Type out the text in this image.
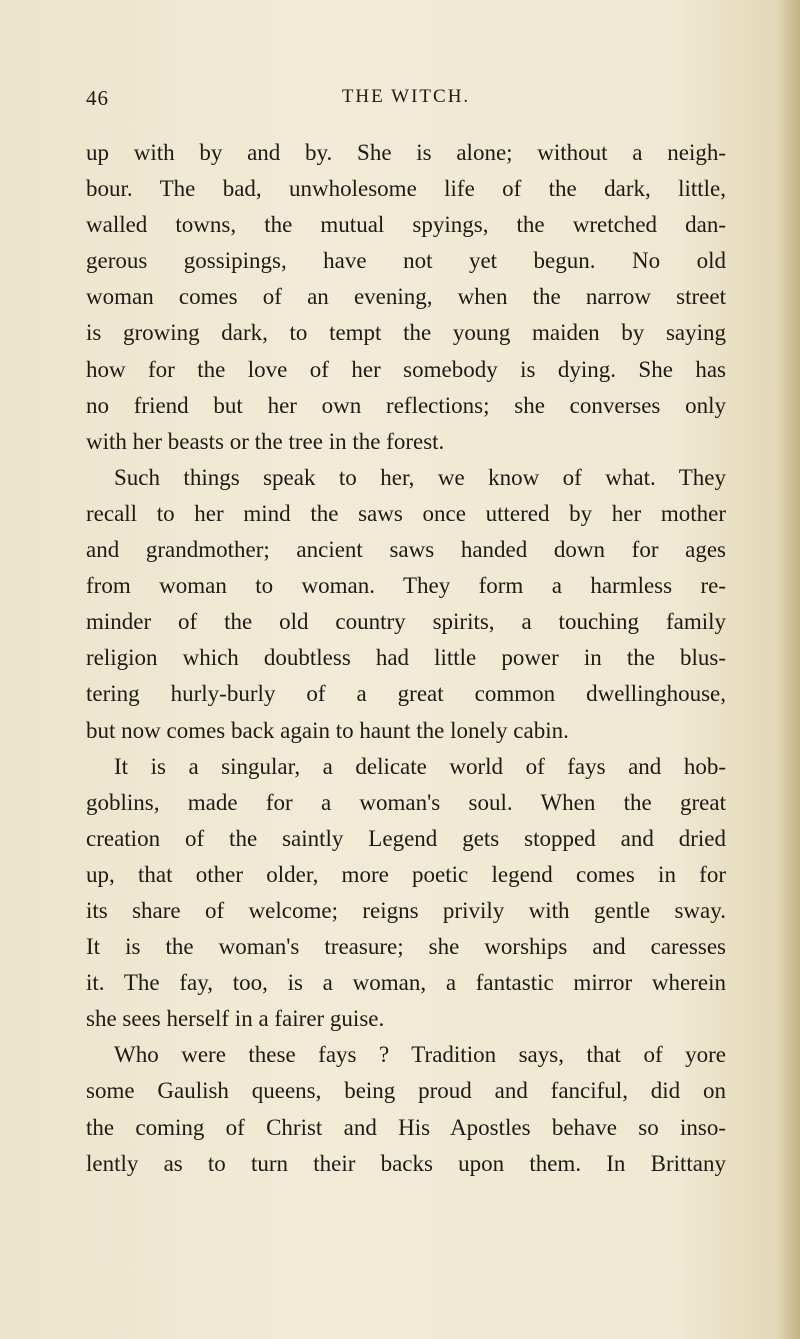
46	THE WITCH.
up with by and by. She is alone; without a neigh-
bour. The bad, unwholesome life of the dark, little,
walled towns, the mutual spyings, the wretched dan-
gerous gossipings, have not yet begun. No old
woman comes of an evening, when the narrow street
is growing dark, to tempt the young maiden by saying
how for the love of her somebody is dying. She has
no friend but her own reflections; she converses only
with her beasts or the tree in the forest.
Such things speak to her, we know of what. They
recall to her mind the saws once uttered by her mother
and grandmother; ancient saws handed down for ages
from woman to woman. They form a harmless re-
minder of the old country spirits, a touching family
religion which doubtless had little power in the blus-
tering hurly-burly of a great common dwellinghouse,
but now comes back again to haunt the lonely cabin.
It is a singular, a delicate world of fays and hob-
goblins, made for a woman's soul. When the great
creation of the saintly Legend gets stopped and dried
up, that other older, more poetic legend comes in for
its share of welcome; reigns privily with gentle sway.
It is the woman's treasure; she worships and caresses
it. The fay, too, is a woman, a fantastic mirror wherein
she sees herself in a fairer guise.
Who were these fays ? Tradition says, that of yore
some Gaulish queens, being proud and fanciful, did on
the coming of Christ and His Apostles behave so inso-
lently as to turn their backs upon them. In Brittany
